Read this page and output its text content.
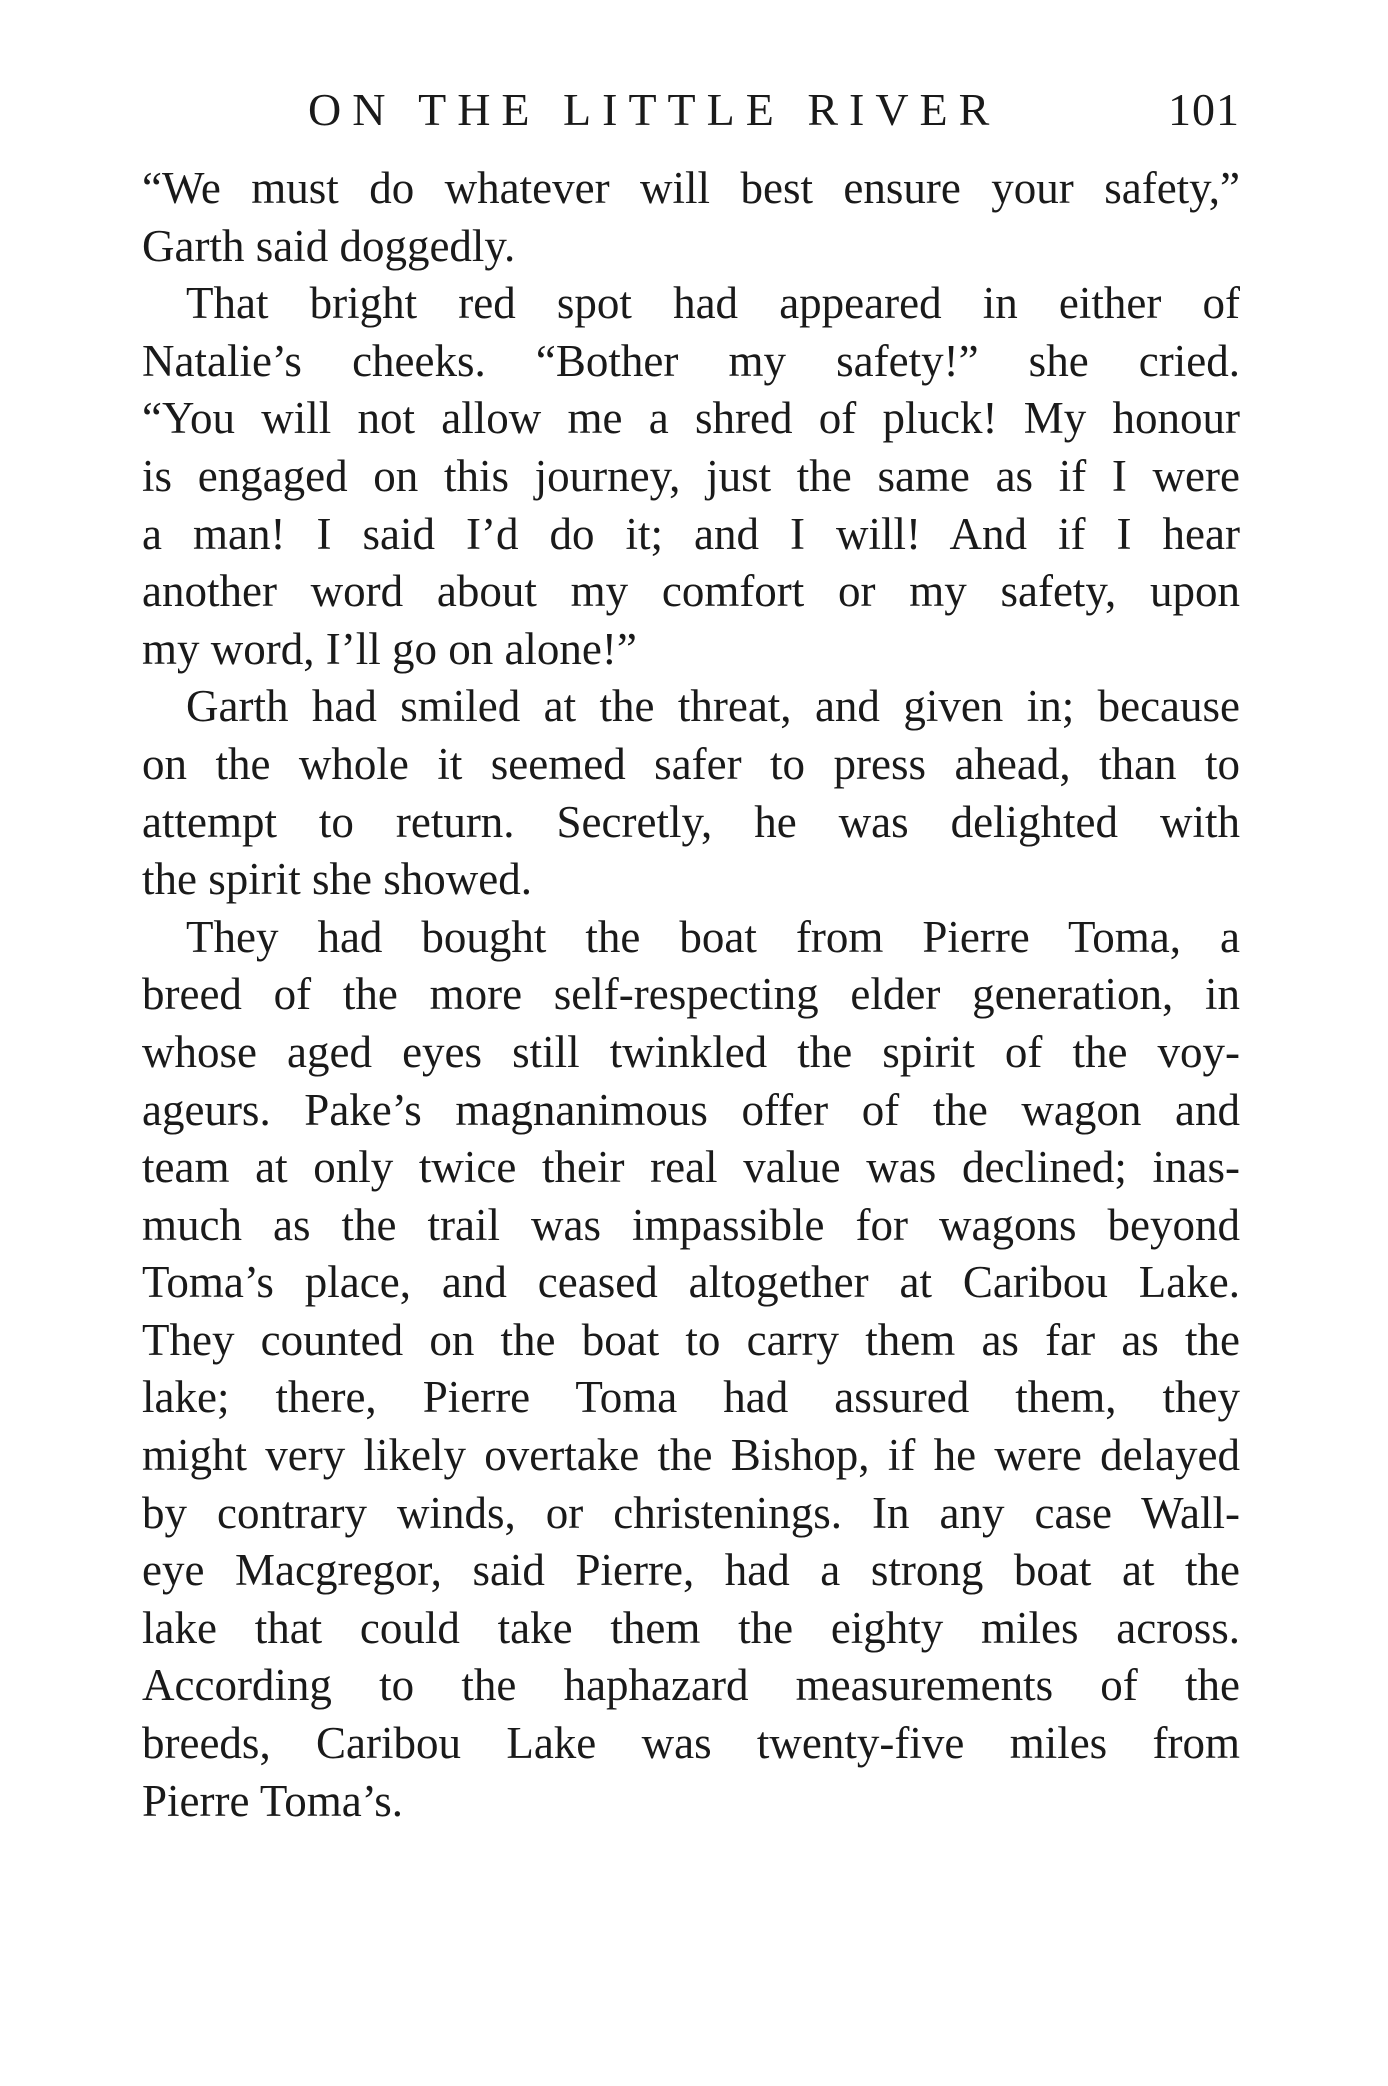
ON THE LITTLE RIVER	101
“We must do whatever will best ensure your safety,”
Garth said doggedly.
That bright red spot had appeared in either of
Natalie’s cheeks. “Bother my safety!” she cried.
“You will not allow me a shred of pluck! My honour
is engaged on this journey, just the same as if I were
a man! I said I’d do it; and I will! And if I hear
another word about my comfort or my safety, upon
my word, I’ll go on alone!”
Garth had smiled at the threat, and given in; because
on the whole it seemed safer to press ahead, than to
attempt to return. Secretly, he was delighted with
the spirit she showed.
They had bought the boat from Pierre Toma, a
breed of the more self-respecting elder generation, in
whose aged eyes still twinkled the spirit of the voy-
ageurs. Pake’s magnanimous offer of the wagon and
team at only twice their real value was declined; inas-
much as the trail was impassible for wagons beyond
Toma’s place, and ceased altogether at Caribou Lake.
They counted on the boat to carry them as far as the
lake; there, Pierre Toma had assured them, they
might very likely overtake the Bishop, if he were delayed
by contrary winds, or christenings. In any case Wall-
eye Macgregor, said Pierre, had a strong boat at the
lake that could take them the eighty miles across.
According to the haphazard measurements of the
breeds, Caribou Lake was twenty-five miles from
Pierre Toma’s.
